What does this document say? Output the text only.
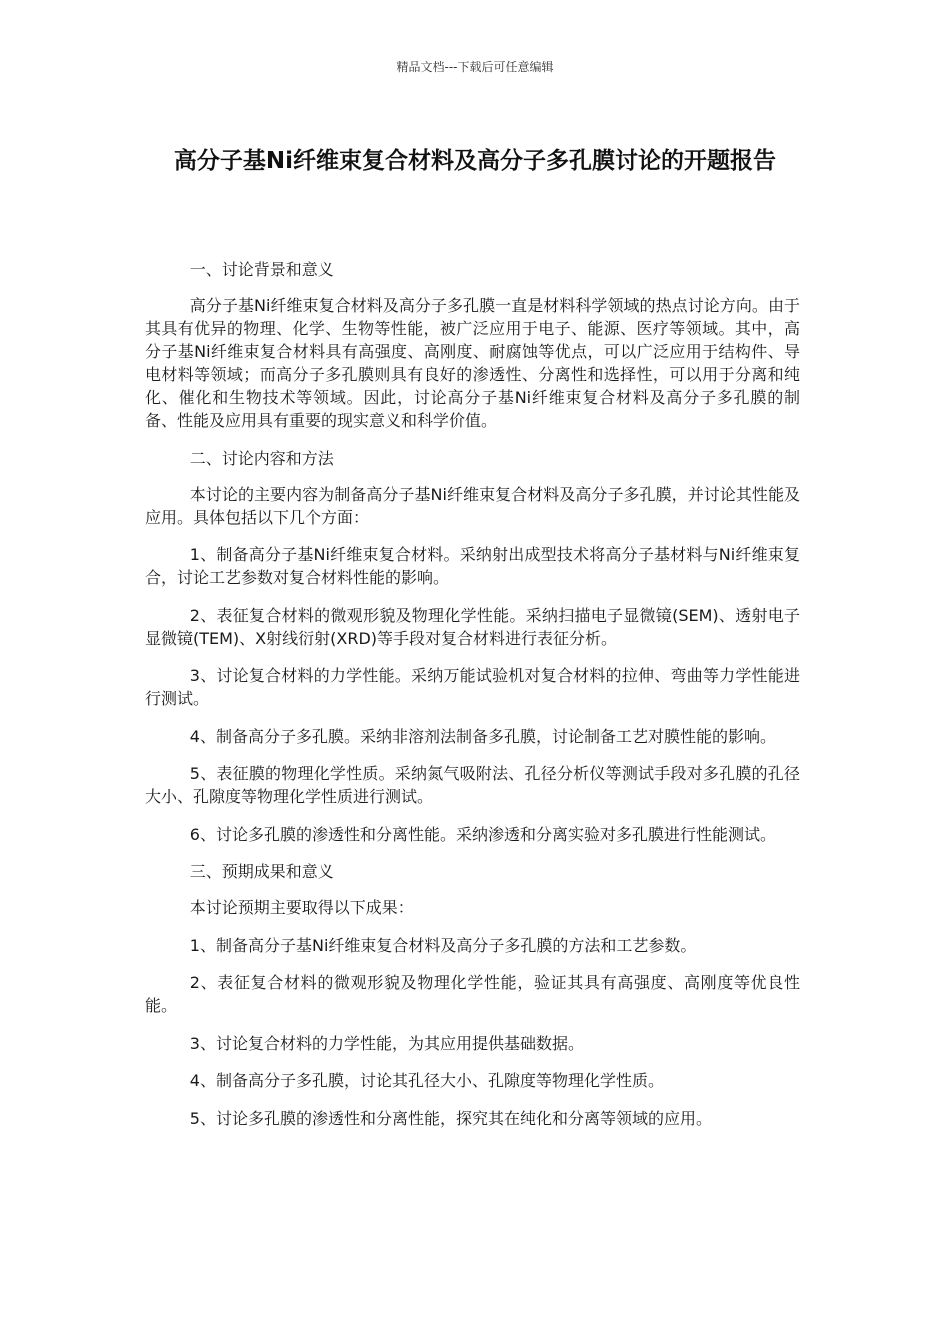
精品文档---下载后可任意编辑
高分子基Ni纤维束复合材料及高分子多孔膜讨论的开题报告

一、讨论背景和意义

高分子基Ni纤维束复合材料及高分子多孔膜一直是材料科学领域的热点讨论方向。由于其具有优异的物理、化学、生物等性能，被广泛应用于电子、能源、医疗等领域。其中，高分子基Ni纤维束复合材料具有高强度、高刚度、耐腐蚀等优点，可以广泛应用于结构件、导电材料等领域；而高分子多孔膜则具有良好的渗透性、分离性和选择性，可以用于分离和纯化、催化和生物技术等领域。因此，讨论高分子基Ni纤维束复合材料及高分子多孔膜的制备、性能及应用具有重要的现实意义和科学价值。

二、讨论内容和方法

本讨论的主要内容为制备高分子基Ni纤维束复合材料及高分子多孔膜，并讨论其性能及应用。具体包括以下几个方面：

1、制备高分子基Ni纤维束复合材料。采纳射出成型技术将高分子基材料与Ni纤维束复合，讨论工艺参数对复合材料性能的影响。

2、表征复合材料的微观形貌及物理化学性能。采纳扫描电子显微镜(SEM)、透射电子显微镜(TEM)、X射线衍射(XRD)等手段对复合材料进行表征分析。

3、讨论复合材料的力学性能。采纳万能试验机对复合材料的拉伸、弯曲等力学性能进行测试。

4、制备高分子多孔膜。采纳非溶剂法制备多孔膜，讨论制备工艺对膜性能的影响。

5、表征膜的物理化学性质。采纳氮气吸附法、孔径分析仪等测试手段对多孔膜的孔径大小、孔隙度等物理化学性质进行测试。

6、讨论多孔膜的渗透性和分离性能。采纳渗透和分离实验对多孔膜进行性能测试。

三、预期成果和意义

本讨论预期主要取得以下成果：

1、制备高分子基Ni纤维束复合材料及高分子多孔膜的方法和工艺参数。

2、表征复合材料的微观形貌及物理化学性能，验证其具有高强度、高刚度等优良性能。

3、讨论复合材料的力学性能，为其应用提供基础数据。

4、制备高分子多孔膜，讨论其孔径大小、孔隙度等物理化学性质。

5、讨论多孔膜的渗透性和分离性能，探究其在纯化和分离等领域的应用。
